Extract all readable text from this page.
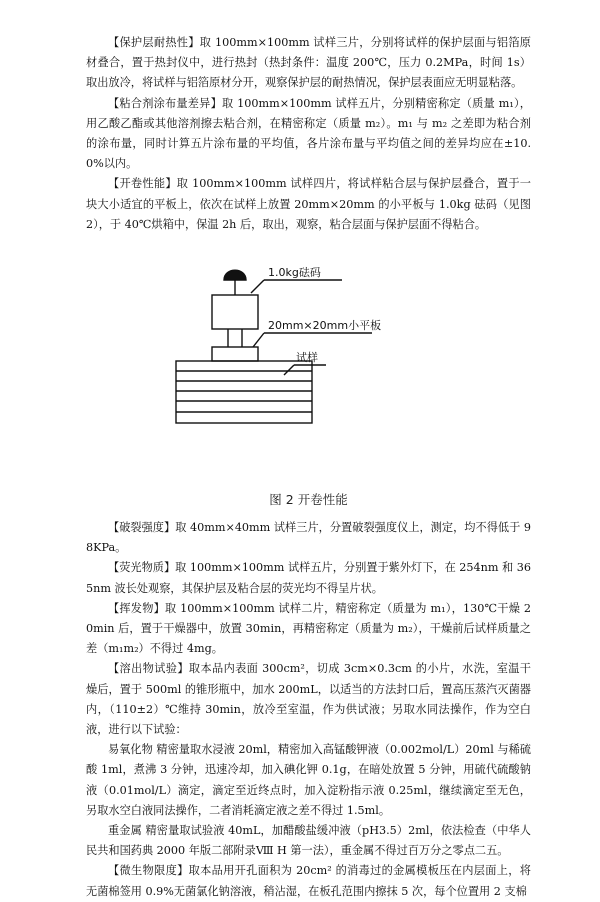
【保护层耐热性】取 100mm×100mm 试样三片，分别将试样的保护层面与铝箔原材叠合，置于热封仪中，进行热封（热封条件：温度 200℃，压力 0.2MPa，时间 1s）取出放冷，将试样与铝箔原材分开，观察保护层的耐热情况，保护层表面应无明显粘落。

【粘合剂涂布量差异】取 100mm×100mm 试样五片，分别精密称定（质量 m₁），用乙酸乙酯或其他溶剂擦去粘合剂，在精密称定（质量 m₂）。m₁ 与 m₂ 之差即为粘合剂的涂布量，同时计算五片涂布量的平均值，各片涂布量与平均值之间的差异均应在±10.0%以内。

【开卷性能】取 100mm×100mm 试样四片，将试样粘合层与保护层叠合，置于一块大小适宜的平板上，依次在试样上放置 20mm×20mm 的小平板与 1.0kg 砝码（见图 2），于 40℃烘箱中，保温 2h 后，取出，观察，粘合层面与保护层面不得粘合。

1.0kg砝码
20mm×20mm小平板
试样
图 2 开卷性能

【破裂强度】取 40mm×40mm 试样三片，分置破裂强度仪上，测定，均不得低于 98KPa。

【荧光物质】取 100mm×100mm 试样五片，分别置于紫外灯下，在 254nm 和 365nm 波长处观察，其保护层及粘合层的荧光均不得呈片状。

【挥发物】取 100mm×100mm 试样二片，精密称定（质量为 m₁），130℃干燥 20min 后，置于干燥器中，放置 30min，再精密称定（质量为 m₂），干燥前后试样质量之差（m₁m₂）不得过 4mg。

【溶出物试验】取本品内表面 300cm²，切成 3cm×0.3cm 的小片，水洗，室温干燥后，置于 500ml 的锥形瓶中，加水 200mL，以适当的方法封口后，置高压蒸汽灭菌器内，（110±2）℃维持 30min，放冷至室温，作为供试液；另取水同法操作，作为空白液，进行以下试验：

易氧化物 精密量取水浸液 20ml，精密加入高锰酸钾液（0.002mol/L）20ml 与稀硫酸 1ml，煮沸 3 分钟，迅速冷却，加入碘化钾 0.1g，在暗处放置 5 分钟，用硫代硫酸钠液（0.01mol/L）滴定，滴定至近终点时，加入淀粉指示液 0.25ml，继续滴定至无色，另取水空白液同法操作，二者消耗滴定液之差不得过 1.5ml。

重金属 精密量取试验液 40mL，加醋酸盐缓冲液（pH3.5）2ml，依法检查（中华人民共和国药典 2000 年版二部附录Ⅷ H 第一法），重金属不得过百万分之零点二五。

【微生物限度】取本品用开孔面积为 20cm² 的消毒过的金属模板压在内层面上，将无菌棉签用 0.9%无菌氯化钠溶液，稍沾湿，在板孔范围内擦抹 5 次，每个位置用 2 支棉
